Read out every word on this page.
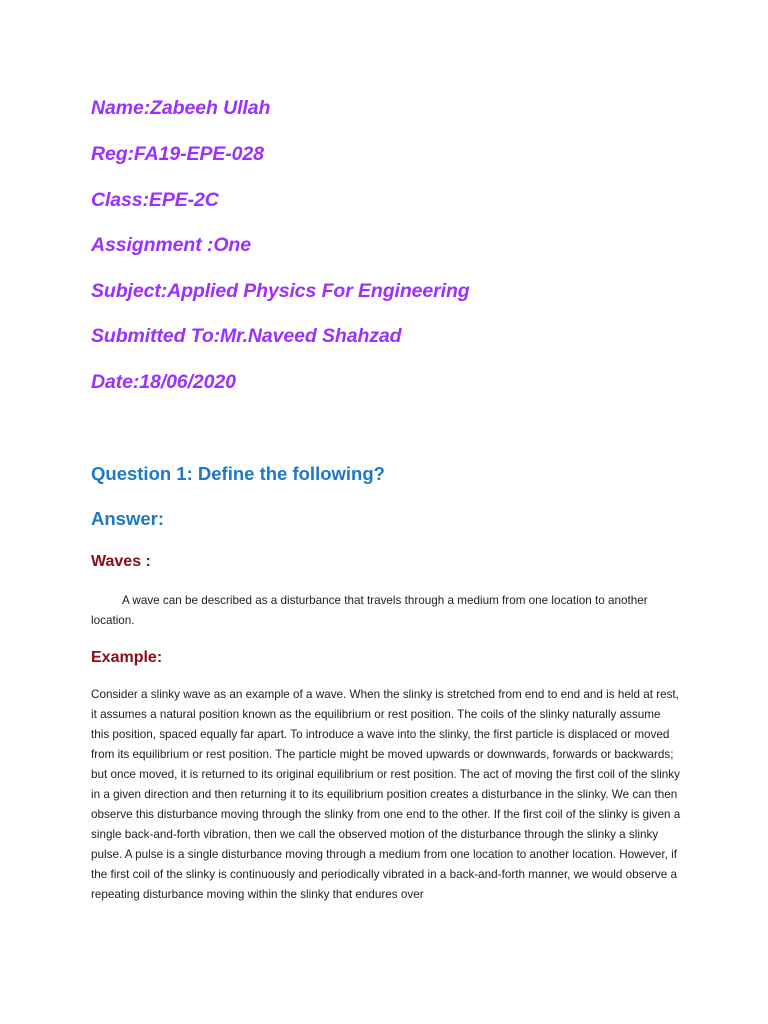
Name:Zabeeh Ullah

Reg:FA19-EPE-028

Class:EPE-2C

Assignment :One

Subject:Applied Physics For Engineering

Submitted To:Mr.Naveed Shahzad

Date:18/06/2020

Question 1: Define the following?
Answer:
Waves :

A wave can be described as a disturbance that travels through a medium from one location to another location.

Example:

Consider a slinky wave as an example of a wave. When the slinky is stretched from end to end and is held at rest, it assumes a natural position known as the equilibrium or rest position. The coils of the slinky naturally assume this position, spaced equally far apart. To introduce a wave into the slinky, the first particle is displaced or moved from its equilibrium or rest position. The particle might be moved upwards or downwards, forwards or backwards; but once moved, it is returned to its original equilibrium or rest position. The act of moving the first coil of the slinky in a given direction and then returning it to its equilibrium position creates a disturbance in the slinky. We can then observe this disturbance moving through the slinky from one end to the other. If the first coil of the slinky is given a single back-and-forth vibration, then we call the observed motion of the disturbance through the slinky a slinky pulse. A pulse is a single disturbance moving through a medium from one location to another location. However, if the first coil of the slinky is continuously and periodically vibrated in a back-and-forth manner, we would observe a repeating disturbance moving within the slinky that endures over
